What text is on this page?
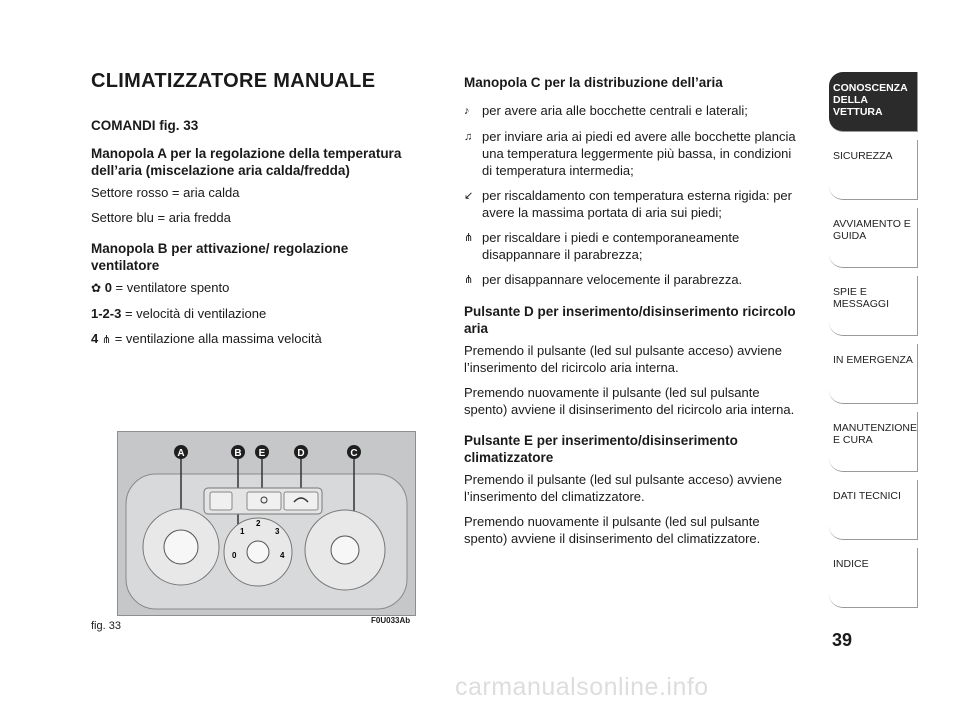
CLIMATIZZATORE MANUALE
COMANDI fig. 33
Manopola A per la regolazione della temperatura dell’aria (miscelazione aria calda/fredda)
Settore rosso = aria calda
Settore blu = aria fredda
Manopola B per attivazione/ regolazione ventilatore
✿ 0 = ventilatore spento
1-2-3 = velocità di ventilazione
4 ⋔ = ventilazione alla massima velocità
Manopola C per la distribuzione dell’aria
♪ per avere aria alle bocchette centrali e laterali;
♫ per inviare aria ai piedi ed avere alle bocchette plancia una temperatura leggermente più bassa, in condizioni di temperatura intermedia;
↙ per riscaldamento con temperatura esterna rigida: per avere la massima portata di aria sui piedi;
⋔ per riscaldare i piedi e contemporaneamente disappannare il parabrezza;
⋔ per disappannare velocemente il parabrezza.
Pulsante D per inserimento/disinserimento ricircolo aria
Premendo il pulsante (led sul pulsante acceso) avviene l’inserimento del ricircolo aria interna.
Premendo nuovamente il pulsante (led sul pulsante spento) avviene il disinserimento del ricircolo aria interna.
Pulsante E per inserimento/disinserimento climatizzatore
Premendo il pulsante (led sul pulsante acceso) avviene l’inserimento del climatizzatore.
Premendo nuovamente il pulsante (led sul pulsante spento) avviene il disinserimento del climatizzatore.
A	B E	D	C
0
1
2
3
4
fig. 33	F0U033Ab
CONOSCENZA DELLA VETTURA
SICUREZZA
AVVIAMENTO E GUIDA
SPIE E MESSAGGI
IN EMERGENZA
MANUTENZIONE E CURA
DATI TECNICI
INDICE
39
carmanualsonline.info
